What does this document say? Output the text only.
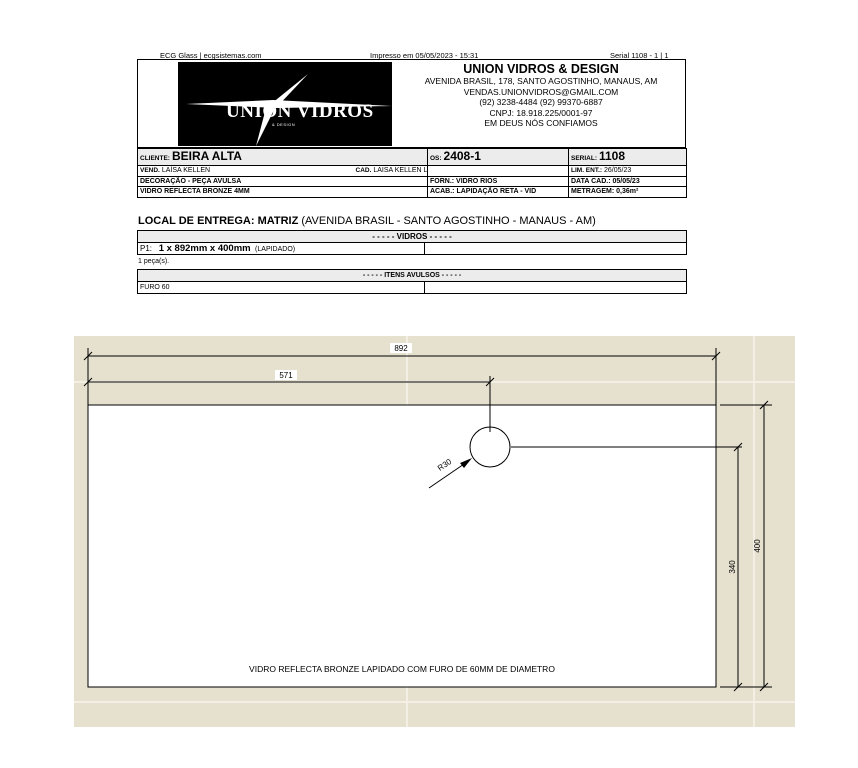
ECG Glass | ecgsistemas.com	Impresso em 05/05/2023 - 15:31	Serial 1108 - 1 | 1
UNION VIDROS
& DESIGN
UNION VIDROS & DESIGN
AVENIDA BRASIL, 178, SANTO AGOSTINHO, MANAUS, AM
VENDAS.UNIONVIDROS@GMAIL.COM
(92) 3238-4484 (92) 99370-6887
CNPJ: 18.918.225/0001-97
EM DEUS NÓS CONFIAMOS
CLIENTE: BEIRA ALTA	OS: 2408-1	SERIAL: 1108
VEND. LAÍSA KELLEN CAD. LAISA KELLEN L		LIM. ENT.: 26/05/23
DECORAÇÃO - PEÇA AVULSA	FORN.: VIDRO RIOS	DATA CAD.: 05/05/23
VIDRO REFLECTA BRONZE 4MM	ACAB.: LAPIDAÇÃO RETA - VID	METRAGEM: 0,36m²
LOCAL DE ENTREGA: MATRIZ (AVENIDA BRASIL - SANTO AGOSTINHO - MANAUS - AM)
- - - - - VIDROS - - - - -
P1: 1 x 892mm x 400mm (LAPIDADO)	
1 peça(s).
- - - - - ITENS AVULSOS - - - - -
FURO 60	
892
571
400
340
R30
VIDRO REFLECTA BRONZE LAPIDADO COM FURO DE 60MM DE DIAMETRO
